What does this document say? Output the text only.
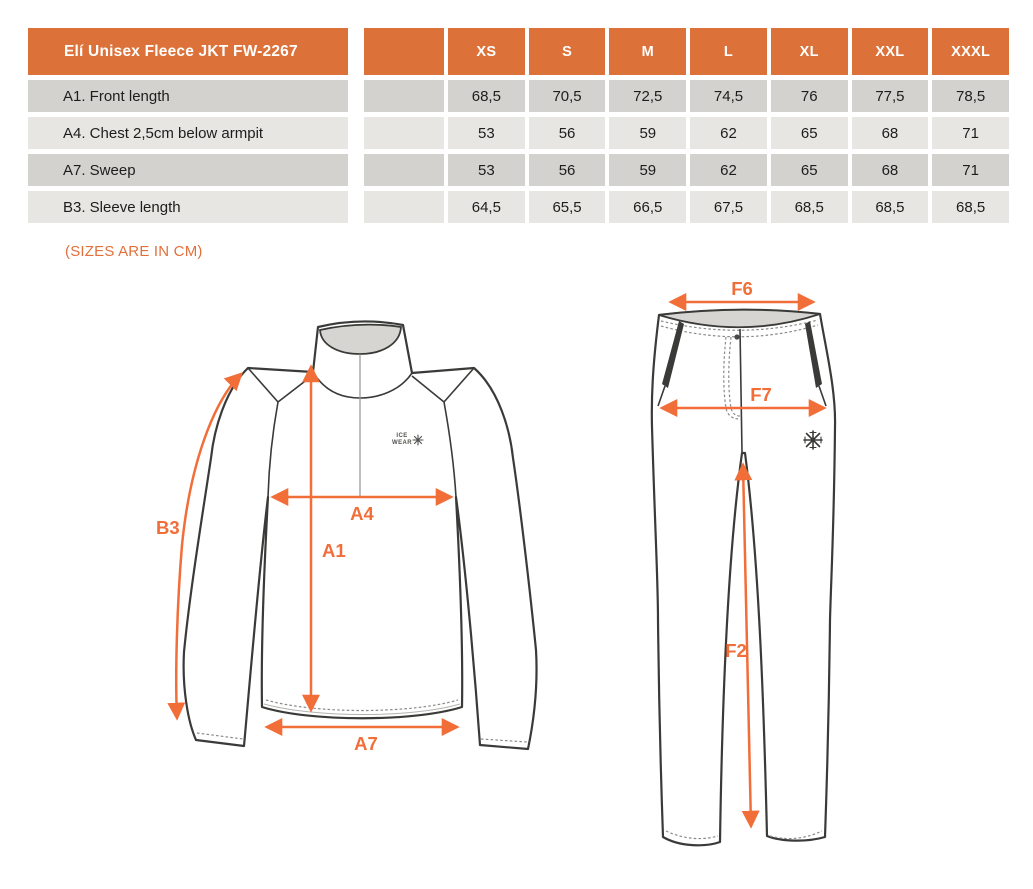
Elí Unisex Fleece JKT FW-2267	XS	S	M	L	XL	XXL	XXXL
A1. Front length	68,5	70,5	72,5	74,5	76	77,5	78,5
A4. Chest 2,5cm below armpit	53	56	59	62	65	68	71
A7. Sweep	53	56	59	62	65	68	71
B3. Sleeve length	64,5	65,5	66,5	67,5	68,5	68,5	68,5
(SIZES ARE IN CM)
ICE
WEAR
A1
A4
A7
B3
F6
F7
F2
